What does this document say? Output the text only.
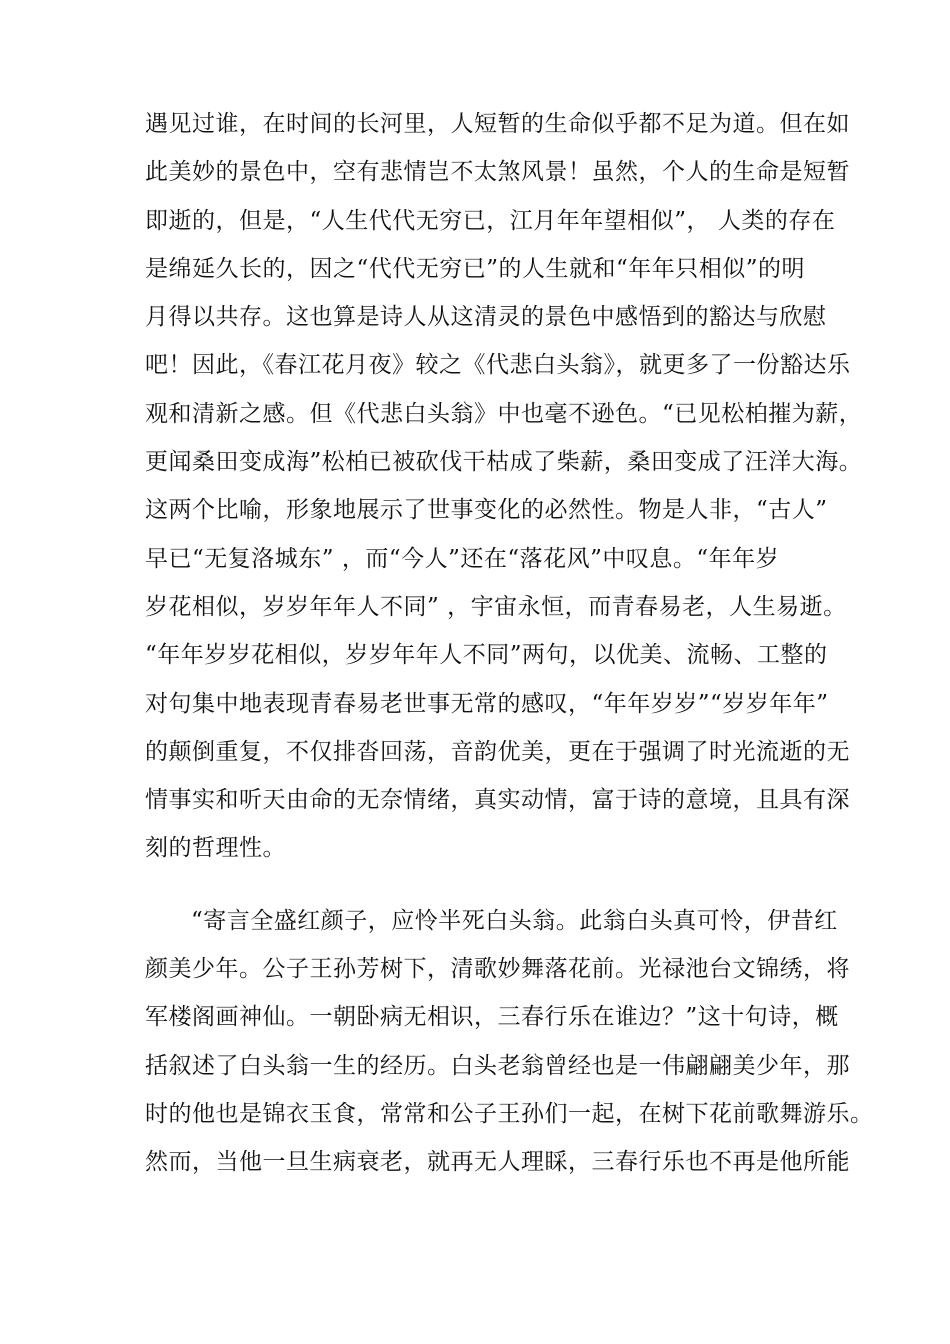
遇见过谁，在时间的长河里，人短暂的生命似乎都不足为道。但在如
此美妙的景色中，空有悲情岂不太煞风景！虽然，个人的生命是短暂
即逝的，但是，“人生代代无穷已，江月年年望相似”， 人类的存在
是绵延久长的，因之“代代无穷已”的人生就和“年年只相似”的明
月得以共存。这也算是诗人从这清灵的景色中感悟到的豁达与欣慰
吧！因此，《春江花月夜》较之《代悲白头翁》，就更多了一份豁达乐
观和清新之感。但《代悲白头翁》中也毫不逊色。“已见松柏摧为薪，
更闻桑田变成海”松柏已被砍伐干枯成了柴薪，桑田变成了汪洋大海。
这两个比喻，形象地展示了世事变化的必然性。物是人非，“古人”
早已“无复洛城东” ，而“今人”还在“落花风”中叹息。“年年岁
岁花相似，岁岁年年人不同” ，宇宙永恒，而青春易老，人生易逝。
“年年岁岁花相似，岁岁年年人不同”两句，以优美、流畅、工整的
对句集中地表现青春易老世事无常的感叹，“年年岁岁”“岁岁年年”
的颠倒重复，不仅排沓回荡，音韵优美，更在于强调了时光流逝的无
情事实和听天由命的无奈情绪，真实动情，富于诗的意境，且具有深
刻的哲理性。
“寄言全盛红颜子，应怜半死白头翁。此翁白头真可怜，伊昔红
颜美少年。公子王孙芳树下，清歌妙舞落花前。光禄池台文锦绣，将
军楼阁画神仙。一朝卧病无相识，三春行乐在谁边？”这十句诗，概
括叙述了白头翁一生的经历。白头老翁曾经也是一伟翩翩美少年，那
时的他也是锦衣玉食，常常和公子王孙们一起，在树下花前歌舞游乐。
然而，当他一旦生病衰老，就再无人理睬，三春行乐也不再是他所能
